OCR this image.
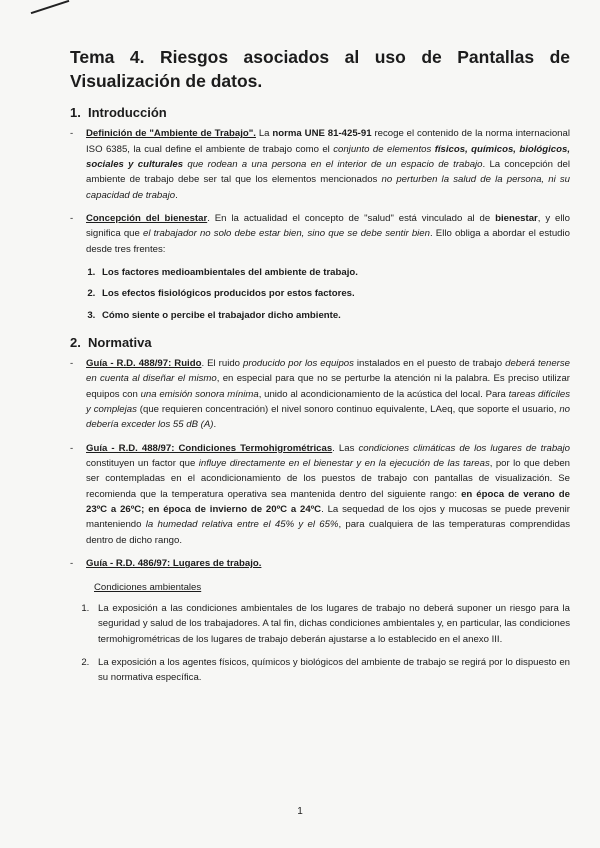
Tema 4. Riesgos asociados al uso de Pantallas de Visualización de datos.
1. Introducción

- Definición de "Ambiente de Trabajo". La norma UNE 81-425-91 recoge el contenido de la norma internacional ISO 6385, la cual define el ambiente de trabajo como el conjunto de elementos físicos, químicos, biológicos, sociales y culturales que rodean a una persona en el interior de un espacio de trabajo. La concepción del ambiente de trabajo debe ser tal que los elementos mencionados no perturben la salud de la persona, ni su capacidad de trabajo.

- Concepción del bienestar. En la actualidad el concepto de "salud" está vinculado al de bienestar, y ello significa que el trabajador no solo debe estar bien, sino que se debe sentir bien. Ello obliga a abordar el estudio desde tres frentes:

1. Los factores medioambientales del ambiente de trabajo.
2. Los efectos fisiológicos producidos por estos factores.
3. Cómo siente o percibe el trabajador dicho ambiente.
2. Normativa

- Guía - R.D. 488/97: Ruido. El ruido producido por los equipos instalados en el puesto de trabajo deberá tenerse en cuenta al diseñar el mismo, en especial para que no se perturbe la atención ni la palabra. Es preciso utilizar equipos con una emisión sonora mínima, unido al acondicionamiento de la acústica del local. Para tareas difíciles y complejas (que requieren concentración) el nivel sonoro continuo equivalente, LAeq, que soporte el usuario, no debería exceder los 55 dB (A).

- Guía - R.D. 488/97: Condiciones Termohigrométricas. Las condiciones climáticas de los lugares de trabajo constituyen un factor que influye directamente en el bienestar y en la ejecución de las tareas, por lo que deben ser contempladas en el acondicionamiento de los puestos de trabajo con pantallas de visualización. Se recomienda que la temperatura operativa sea mantenida dentro del siguiente rango: en época de verano de 23ºC a 26ºC; en época de invierno de 20ºC a 24ºC. La sequedad de los ojos y mucosas se puede prevenir manteniendo la humedad relativa entre el 45% y el 65%, para cualquiera de las temperaturas comprendidas dentro de dicho rango.

- Guía - R.D. 486/97: Lugares de trabajo.

Condiciones ambientales

1. La exposición a las condiciones ambientales de los lugares de trabajo no deberá suponer un riesgo para la seguridad y salud de los trabajadores. A tal fin, dichas condiciones ambientales y, en particular, las condiciones termohigrométricas de los lugares de trabajo deberán ajustarse a lo establecido en el anexo III.
2. La exposición a los agentes físicos, químicos y biológicos del ambiente de trabajo se regirá por lo dispuesto en su normativa específica.
1
